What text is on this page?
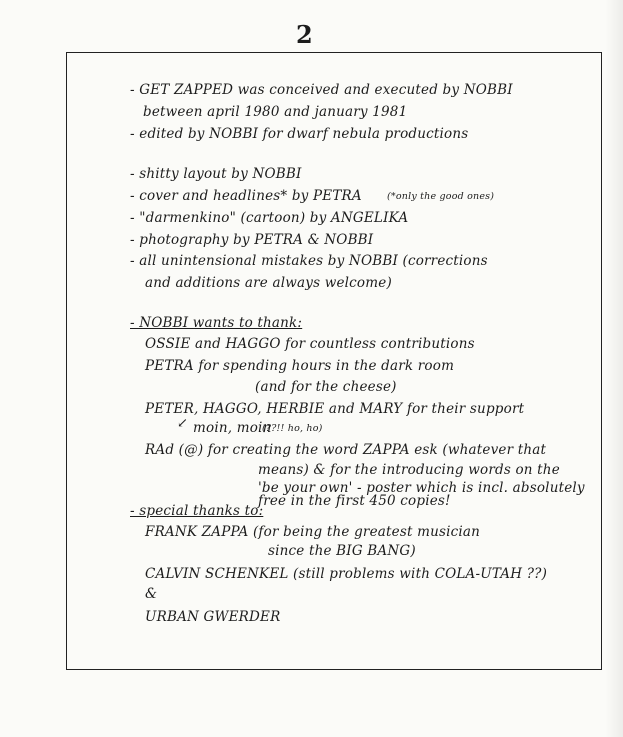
2
- GET ZAPPED was conceived and executed by NOBBI
between april 1980 and january 1981
- edited by NOBBI for dwarf nebula productions
- shitty layout by NOBBI
- cover and headlines* by PETRA	(*only the good ones)
- "darmenkino" (cartoon) by ANGELIKA
- photography by PETRA & NOBBI
- all unintensional mistakes by NOBBI (corrections
and additions are always welcome)
- NOBBI wants to thank:
OSSIE and HAGGO for countless contributions
PETRA for spending hours in the dark room
(and for the cheese)
PETER, HAGGO, HERBIE and MARY for their support
↙ moin, moin
(??!! ho, ho)
RAd (@) for creating the word ZAPPA esk (whatever that
means) & for the introducing words on the
'be your own' - poster which is incl. absolutely
free in the first 450 copies!
- special thanks to:
FRANK ZAPPA (for being the greatest musician
since the BIG BANG)
CALVIN SCHENKEL (still problems with COLA-UTAH ??)
&
URBAN GWERDER
